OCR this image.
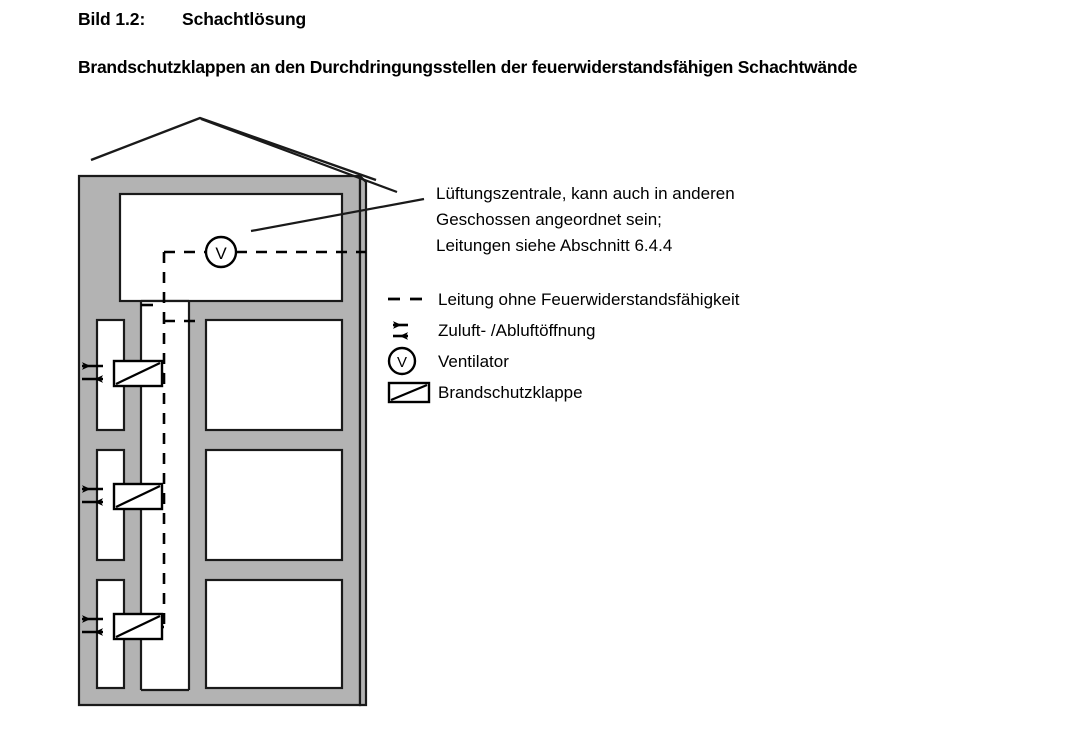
Bild 1.2: Schachtlösung
Brandschutzklappen an den Durchdringungsstellen der feuerwiderstandsfähigen Schachtwände
V
Lüftungszentrale, kann auch in anderen
Geschossen angeordnet sein;
Leitungen siehe Abschnitt 6.4.4
Leitung ohne Feuerwiderstandsfähigkeit
Zuluft- /Abluftöffnung
V Ventilator
Brandschutzklappe
